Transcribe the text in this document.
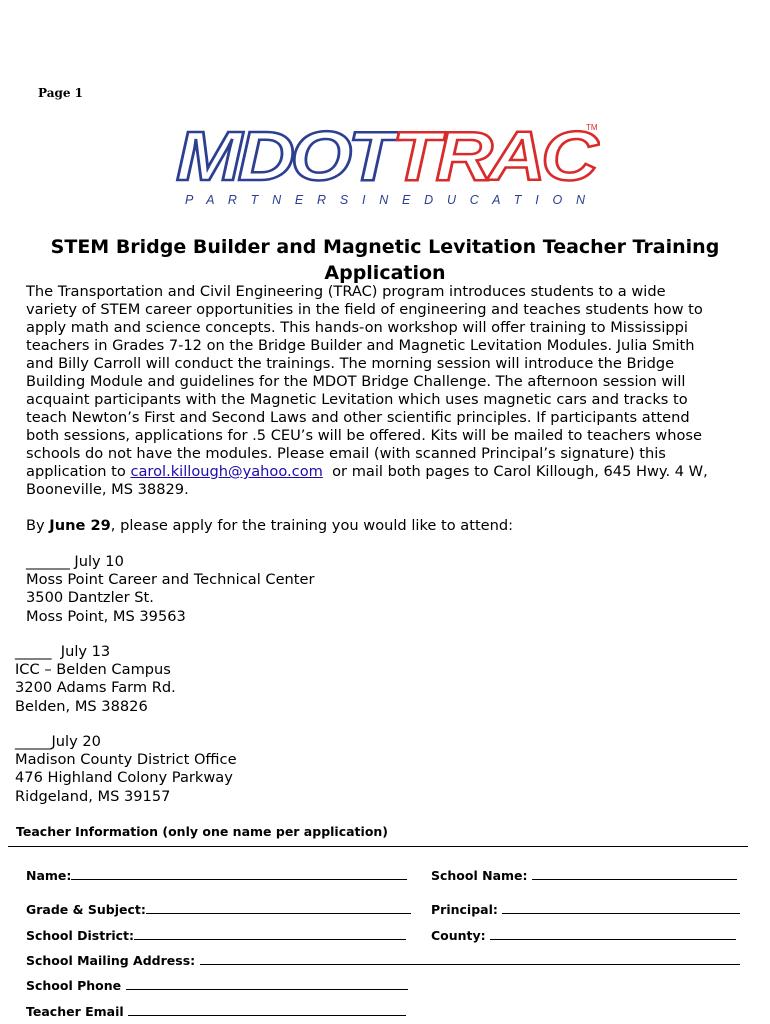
Page 1
MDOT TRAC	TM
P A R T N E R S I N E D U C A T I O N
STEM Bridge Builder and Magnetic Levitation Teacher Training Application
The Transportation and Civil Engineering (TRAC) program introduces students to a wide
variety of STEM career opportunities in the field of engineering and teaches students how to
apply math and science concepts. This hands-on workshop will offer training to Mississippi
teachers in Grades 7-12 on the Bridge Builder and Magnetic Levitation Modules. Julia Smith
and Billy Carroll will conduct the trainings. The morning session will introduce the Bridge
Building Module and guidelines for the MDOT Bridge Challenge. The afternoon session will
acquaint participants with the Magnetic Levitation which uses magnetic cars and tracks to
teach Newton’s First and Second Laws and other scientific principles. If participants attend
both sessions, applications for .5 CEU’s will be offered. Kits will be mailed to teachers whose
schools do not have the modules. Please email (with scanned Principal’s signature) this
application to carol.killough@yahoo.com  or mail both pages to Carol Killough, 645 Hwy. 4 W,
Booneville, MS 38829.
By June 29, please apply for the training you would like to attend:
______ July 10
Moss Point Career and Technical Center
3500 Dantzler St.
Moss Point, MS 39563
_____  July 13
ICC – Belden Campus
3200 Adams Farm Rd.
Belden, MS 38826
_____July 20
Madison County District Office
476 Highland Colony Parkway
Ridgeland, MS 39157
Teacher Information (only one name per application)
Name:	School Name:
Grade & Subject:	Principal:
School District:	County:
School Mailing Address:
School Phone
Teacher Email
